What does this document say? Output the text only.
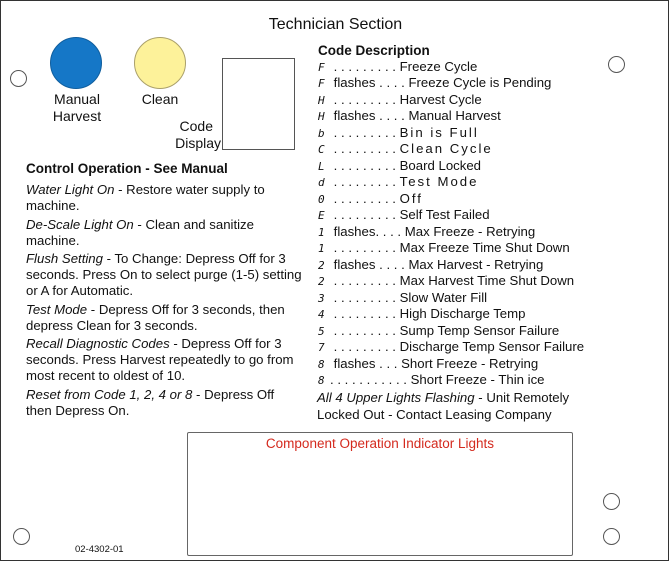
Technician Section
Manual
Harvest
Clean
Code
Display
Control Operation - See Manual

Water Light On - Restore water supply to machine.

De-Scale Light On - Clean and sanitize machine.

Flush Setting - To Change: Depress Off for 3 seconds. Press On to select purge (1-5) setting or A for Automatic.

Test Mode - Depress Off for 3 seconds, then depress Clean for 3 seconds.

Recall Diagnostic Codes - Depress Off for 3 seconds. Press Harvest repeatedly to go from most recent to oldest of 10.

Reset from Code 1, 2, 4 or 8 - Depress Off then Depress On.

Code Description
F . . . . . . . . . Freeze Cycle
F flashes . . . . Freeze Cycle is Pending
H . . . . . . . . . Harvest Cycle
H flashes . . . . Manual Harvest
b . . . . . . . . . Bin is Full
C . . . . . . . . . Clean Cycle
L . . . . . . . . . Board Locked
d . . . . . . . . . Test Mode
0 . . . . . . . . . Off
E . . . . . . . . . Self Test Failed
1 flashes. . . . Max Freeze - Retrying
1 . . . . . . . . . Max Freeze Time Shut Down
2 flashes . . . . Max Harvest - Retrying
2 . . . . . . . . . Max Harvest Time Shut Down
3 . . . . . . . . . Slow Water Fill
4 . . . . . . . . . High Discharge Temp
5 . . . . . . . . . Sump Temp Sensor Failure
7 . . . . . . . . . Discharge Temp Sensor Failure
8 flashes . . . Short Freeze - Retrying
8 . . . . . . . . . . . Short Freeze - Thin ice
All 4 Upper Lights Flashing - Unit Remotely
Locked Out - Contact Leasing Company
Component Operation Indicator Lights
02-4302-01
